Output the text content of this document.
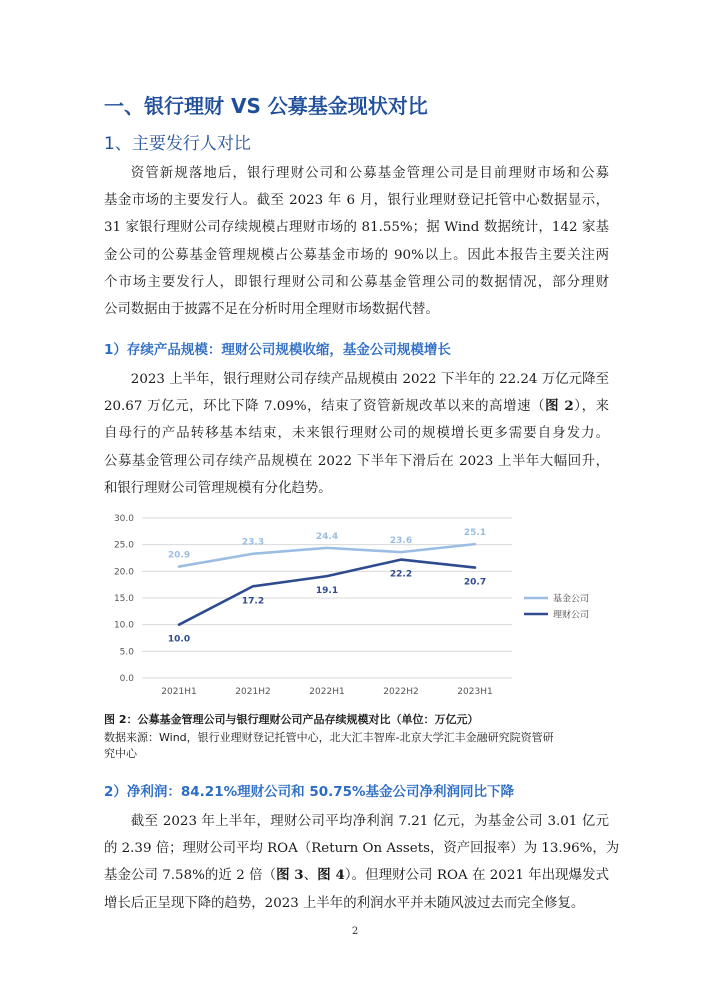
一、银行理财 VS 公募基金现状对比
1、主要发行人对比
资管新规落地后，银行理财公司和公募基金管理公司是目前理财市场和公募
基金市场的主要发行人。截至 2023 年 6 月，银行业理财登记托管中心数据显示，
31 家银行理财公司存续规模占理财市场的 81.55%；据 Wind 数据统计，142 家基
金公司的公募基金管理规模占公募基金市场的 90%以上。因此本报告主要关注两
个市场主要发行人，即银行理财公司和公募基金管理公司的数据情况，部分理财
公司数据由于披露不足在分析时用全理财市场数据代替。
1）存续产品规模：理财公司规模收缩，基金公司规模增长
2023 上半年，银行理财公司存续产品规模由 2022 下半年的 22.24 万亿元降至
20.67 万亿元，环比下降 7.09%，结束了资管新规改革以来的高增速（图 2），来
自母行的产品转移基本结束，未来银行理财公司的规模增长更多需要自身发力。
公募基金管理公司存续产品规模在 2022 下半年下滑后在 2023 上半年大幅回升，
和银行理财公司管理规模有分化趋势。
0.0
5.0
10.0
15.0
20.0
25.0
30.0
2021H1	2021H2	2022H1	2022H2	2023H1
20.9
23.3
24.4	23.6
25.1
10.0
17.2
19.1
22.2
20.7
基金公司
理财公司
图 2：公募基金管理公司与银行理财公司产品存续规模对比（单位：万亿元）
数据来源：Wind，银行业理财登记托管中心，北大汇丰智库-北京大学汇丰金融研究院资管研
究中心
2）净利润：84.21%理财公司和 50.75%基金公司净利润同比下降
截至 2023 年上半年，理财公司平均净利润 7.21 亿元，为基金公司 3.01 亿元
的 2.39 倍；理财公司平均 ROA（Return On Assets，资产回报率）为 13.96%，为
基金公司 7.58%的近 2 倍（图 3、图 4）。但理财公司 ROA 在 2021 年出现爆发式
增长后正呈现下降的趋势，2023 上半年的利润水平并未随风波过去而完全修复。
2
